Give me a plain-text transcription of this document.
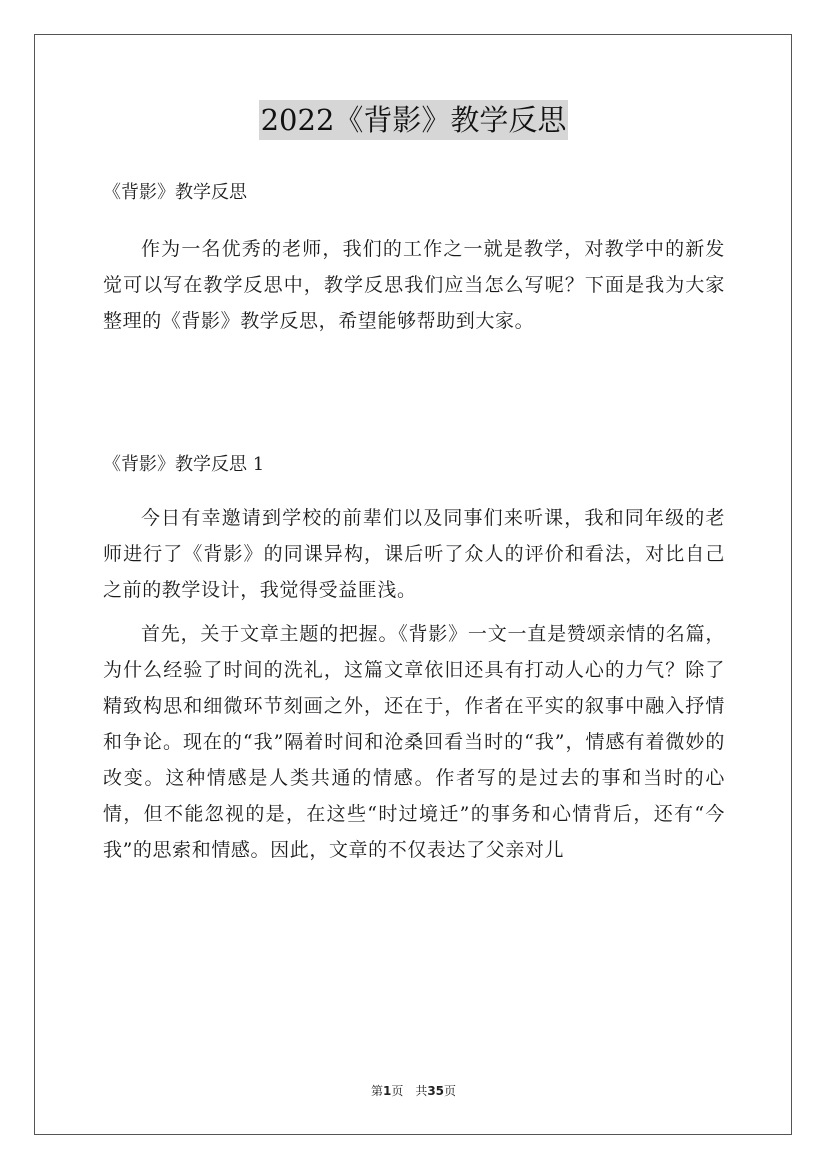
2022《背影》教学反思
《背影》教学反思

作为一名优秀的老师，我们的工作之一就是教学，对教学中的新发觉可以写在教学反思中，教学反思我们应当怎么写呢？下面是我为大家整理的《背影》教学反思，希望能够帮助到大家。

《背影》教学反思 1

今日有幸邀请到学校的前辈们以及同事们来听课，我和同年级的老师进行了《背影》的同课异构，课后听了众人的评价和看法，对比自己之前的教学设计，我觉得受益匪浅。

首先，关于文章主题的把握。《背影》一文一直是赞颂亲情的名篇，为什么经验了时间的洗礼，这篇文章依旧还具有打动人心的力气？除了精致构思和细微环节刻画之外，还在于，作者在平实的叙事中融入抒情和争论。现在的“我”隔着时间和沧桑回看当时的“我”，情感有着微妙的改变。这种情感是人类共通的情感。作者写的是过去的事和当时的心情，但不能忽视的是，在这些“时过境迁”的事务和心情背后，还有“今我”的思索和情感。因此，文章的不仅表达了父亲对儿

第1页　共35页
